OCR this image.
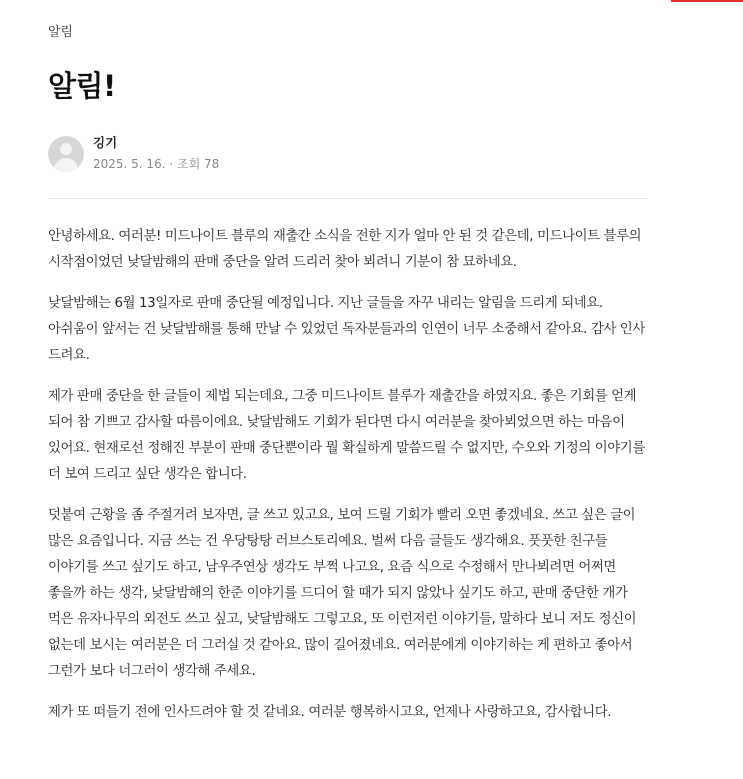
알림
알림!
깅기
2025. 5. 16. · 조회 78

안녕하세요. 여러분! 미드나이트 블루의 재출간 소식을 전한 지가 얼마 안 된 것 같은데, 미드나이트 블루의 시작점이었던 낮달밤해의 판매 중단을 알려 드리러 찾아 뵈려니 기분이 참 묘하네요.

낮달밤해는 6월 13일자로 판매 중단될 예정입니다. 지난 글들을 자꾸 내리는 알림을 드리게 되네요. 아쉬움이 앞서는 건 낮달밤해를 통해 만날 수 있었던 독자분들과의 인연이 너무 소중해서 같아요. 감사 인사 드려요.

제가 판매 중단을 한 글들이 제법 되는데요, 그중 미드나이트 블루가 재출간을 하였지요. 좋은 기회를 얻게 되어 참 기쁘고 감사할 따름이에요. 낮달밤해도 기회가 된다면 다시 여러분을 찾아뵈었으면 하는 마음이 있어요. 현재로선 정해진 부분이 판매 중단뿐이라 뭘 확실하게 말씀드릴 수 없지만, 수오와 기정의 이야기를 더 보여 드리고 싶단 생각은 합니다.

덧붙여 근황을 좀 주절거려 보자면, 글 쓰고 있고요, 보여 드릴 기회가 빨리 오면 좋겠네요. 쓰고 싶은 글이 많은 요즘입니다. 지금 쓰는 건 우당탕탕 러브스토리예요. 벌써 다음 글들도 생각해요. 풋풋한 친구들 이야기를 쓰고 싶기도 하고, 남우주연상 생각도 부쩍 나고요, 요즘 식으로 수정해서 만나뵈려면 어쩌면 좋을까 하는 생각, 낮달밤해의 한준 이야기를 드디어 할 때가 되지 않았나 싶기도 하고, 판매 중단한 개가 먹은 유자나무의 외전도 쓰고 싶고, 낮달밤해도 그렇고요, 또 이런저런 이야기들, 말하다 보니 저도 정신이 없는데 보시는 여러분은 더 그러실 것 같아요. 많이 길어졌네요. 여러분에게 이야기하는 게 편하고 좋아서 그런가 보다 너그러이 생각해 주세요.

제가 또 떠들기 전에 인사드려야 할 것 같네요. 여러분 행복하시고요, 언제나 사랑하고요, 감사합니다.
